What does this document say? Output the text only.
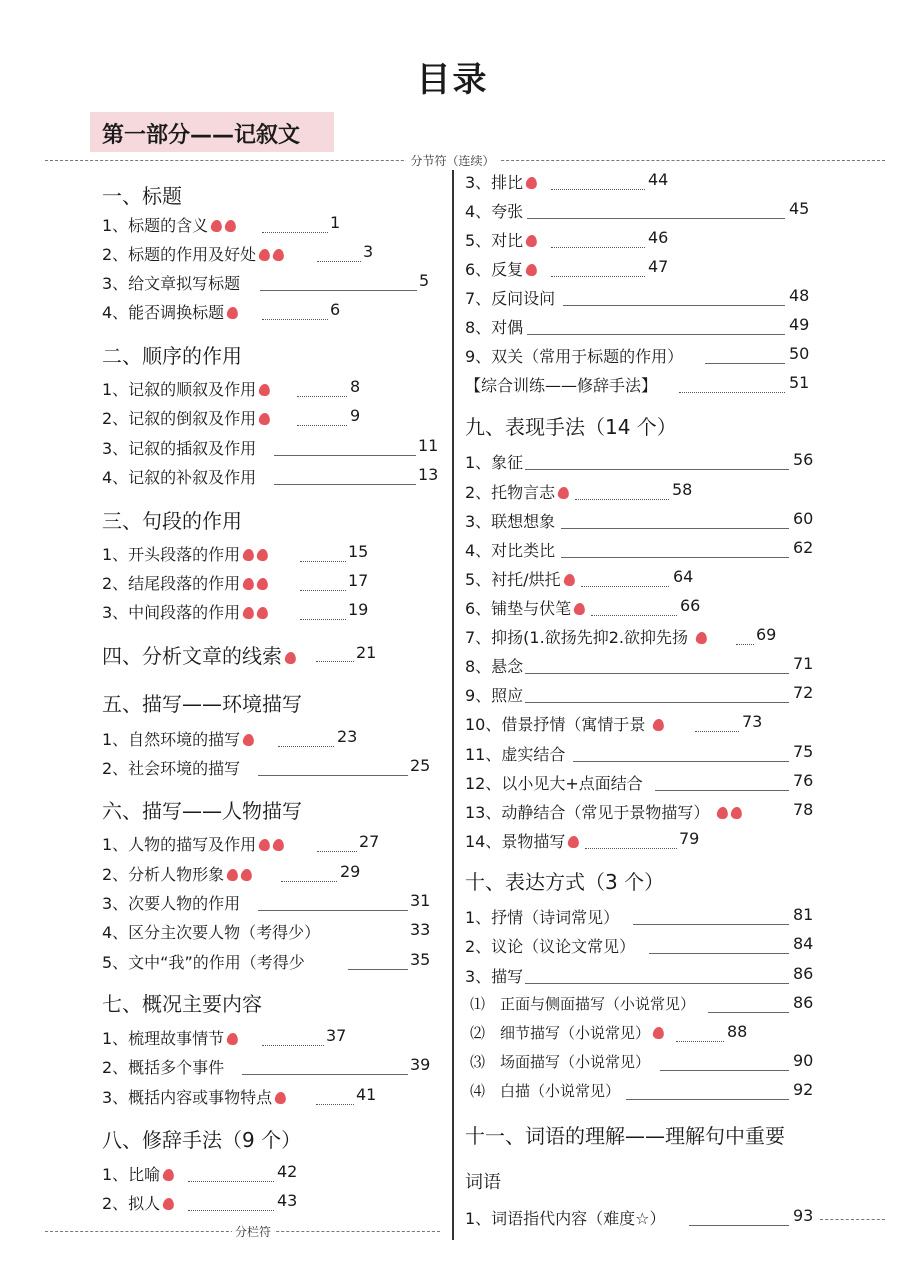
目录
第一部分——记叙文
分节符（连续）
一、标题
1、标题的含义	1
2、标题的作用及好处	3
3、给文章拟写标题	5
4、能否调换标题	6
二、顺序的作用
1、记叙的顺叙及作用	8
2、记叙的倒叙及作用	9
3、记叙的插叙及作用	11
4、记叙的补叙及作用	13
三、句段的作用
1、开头段落的作用	15
2、结尾段落的作用	17
3、中间段落的作用	19
四、分析文章的线索	21
五、描写——环境描写
1、自然环境的描写	23
2、社会环境的描写	25
六、描写——人物描写
1、人物的描写及作用	27
2、分析人物形象	29
3、次要人物的作用	31
4、区分主次要人物（考得少）	33
5、文中“我”的作用（考得少	35
七、概况主要内容
1、梳理故事情节	37
2、概括多个事件	39
3、概括内容或事物特点	41
八、修辞手法（9 个）
1、比喻	42
2、拟人	43
分栏符
3、排比	44
4、夸张	45
5、对比	46
6、反复	47
7、反问设问	48
8、对偶	49
9、双关（常用于标题的作用）	50
【综合训练——修辞手法】	51
九、表现手法（14 个）
1、象征	56
2、托物言志	58
3、联想想象	60
4、对比类比	62
5、衬托/烘托	64
6、铺垫与伏笔	66
7、抑扬(1.欲扬先抑2.欲抑先扬	69
8、悬念	71
9、照应	72
10、借景抒情（寓情于景	73
11、虚实结合	75
12、以小见大+点面结合	76
13、动静结合（常见于景物描写）	78
14、景物描写	79
十、表达方式（3 个）
1、抒情（诗词常见）	81
2、议论（议论文常见）	84
3、描写	86
⑴　正面与侧面描写（小说常见）	86
⑵　细节描写（小说常见）	88
⑶　场面描写（小说常见）	90
⑷　白描（小说常见）	92
十一、词语的理解——理解句中重要
词语
1、词语指代内容（难度☆）	93
